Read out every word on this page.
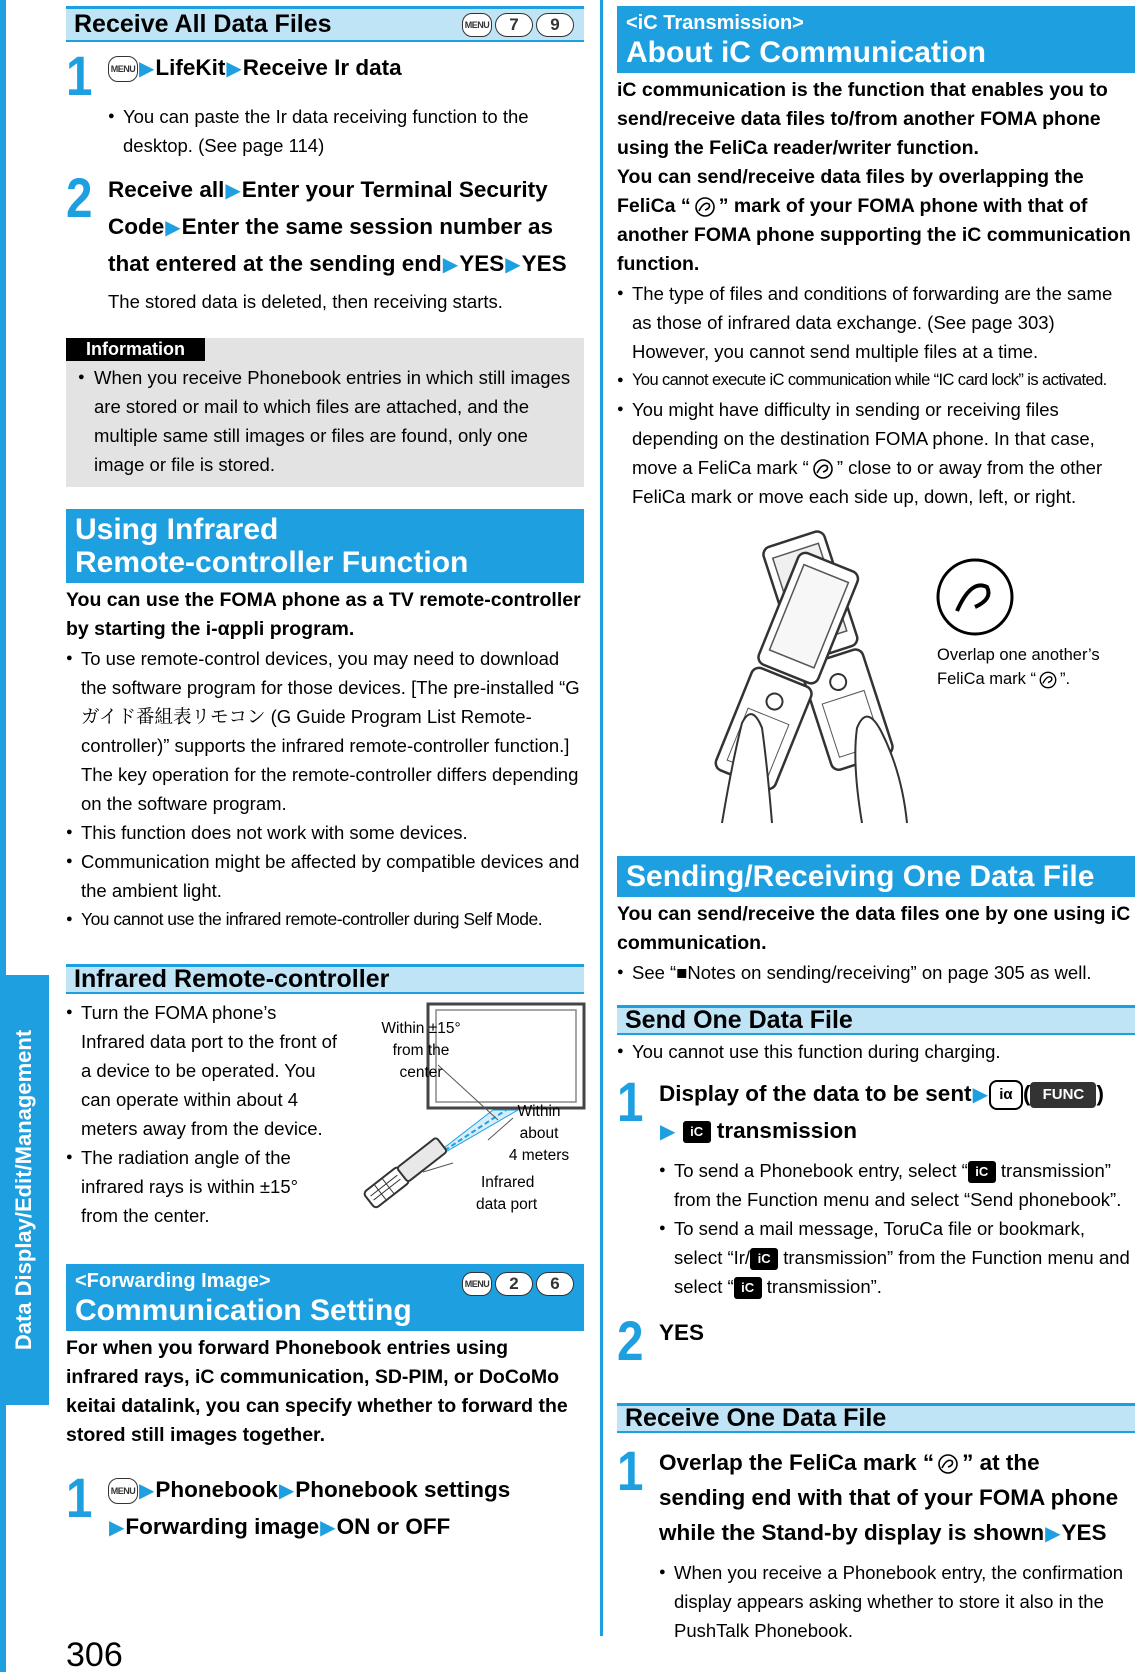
Data Display/Edit/Management
306
Receive All Data Files	MENU	7	9
1	MENU ▶LifeKit▶Receive Ir data
● You can paste the Ir data receiving function to the desktop. (See page 114)
2 Receive all▶Enter your Terminal Security Code▶Enter the same session number as that entered at the sending end▶YES▶YES
The stored data is deleted, then receiving starts.
Information
● When you receive Phonebook entries in which still images are stored or mail to which files are attached, and the multiple same still images or files are found, only one image or file is stored.
Using Infrared
Remote-controller Function
You can use the FOMA phone as a TV remote-controller by starting the i-αppli program.
● To use remote-control devices, you may need to download the software program for those devices. [The pre-installed “Gガイド番組表リモコン (G Guide Program List Remote-controller)” supports the infrared remote-controller function.] The key operation for the remote-controller differs depending on the software program.
● This function does not work with some devices.
● Communication might be affected by compatible devices and the ambient light.
● You cannot use the infrared remote-controller during Self Mode.
Infrared Remote-controller
● Turn the FOMA phone’s Infrared data port to the front of a device to be operated. You can operate within about 4 meters away from the device.
● The radiation angle of the infrared rays is within ±15° from the center.
Within ±15°
from the center
Within about
4 meters
Infrared
data port
<Forwarding Image>
Communication Setting
MENU	2	6
For when you forward Phonebook entries using infrared rays, iC communication, SD-PIM, or DoCoMo keitai datalink, you can specify whether to forward the stored still images together.
1	MENU ▶Phonebook▶Phonebook settings
▶Forwarding image▶ON or OFF
<iC Transmission>
About iC Communication
iC communication is the function that enables you to send/receive data files to/from another FOMA phone using the FeliCa reader/writer function.
You can send/receive data files by overlapping the FeliCa “ ” mark of your FOMA phone with that of another FOMA phone supporting the iC communication function.
● The type of files and conditions of forwarding are the same as those of infrared data exchange. (See page 303) However, you cannot send multiple files at a time.
● You cannot execute iC communication while “IC card lock” is activated.
● You might have difficulty in sending or receiving files depending on the destination FOMA phone. In that case, move a FeliCa mark “ ” close to or away from the other FeliCa mark or move each side up, down, left, or right.
Overlap one another’s
FeliCa mark “ ”.
Sending/Receiving One Data File
You can send/receive the data files one by one using iC communication.
● See “■Notes on sending/receiving” on page 305 as well.
Send One Data File
● You cannot use this function during charging.
1 Display of the data to be sent▶ iα ( FUNC )
▶ iC transmission
● To send a Phonebook entry, select “ iC transmission” from the Function menu and select “Send phonebook”.
● To send a mail message, ToruCa file or bookmark, select “Ir/ iC transmission” from the Function menu and select “ iC transmission”.
2 YES
Receive One Data File
1 Overlap the FeliCa mark “ ” at the sending end with that of your FOMA phone while the Stand-by display is shown▶YES
● When you receive a Phonebook entry, the confirmation display appears asking whether to store it also in the PushTalk Phonebook.
